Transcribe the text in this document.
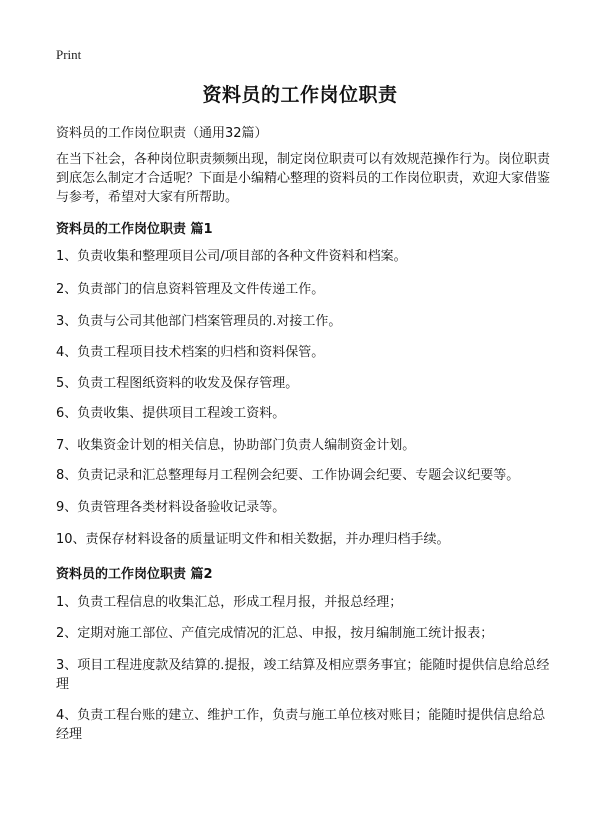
Print
资料员的工作岗位职责

资料员的工作岗位职责（通用32篇）

在当下社会，各种岗位职责频频出现，制定岗位职责可以有效规范操作行为。岗位职责到底怎么制定才合适呢？下面是小编精心整理的资料员的工作岗位职责，欢迎大家借鉴与参考，希望对大家有所帮助。

资料员的工作岗位职责 篇1

1、负责收集和整理项目公司/项目部的各种文件资料和档案。

2、负责部门的信息资料管理及文件传递工作。

3、负责与公司其他部门档案管理员的.对接工作。

4、负责工程项目技术档案的归档和资料保管。

5、负责工程图纸资料的收发及保存管理。

6、负责收集、提供项目工程竣工资料。

7、收集资金计划的相关信息，协助部门负责人编制资金计划。

8、负责记录和汇总整理每月工程例会纪要、工作协调会纪要、专题会议纪要等。

9、负责管理各类材料设备验收记录等。

10、责保存材料设备的质量证明文件和相关数据，并办理归档手续。

资料员的工作岗位职责 篇2

1、负责工程信息的收集汇总，形成工程月报，并报总经理；

2、定期对施工部位、产值完成情况的汇总、申报，按月编制施工统计报表；

3、项目工程进度款及结算的.提报，竣工结算及相应票务事宜；能随时提供信息给总经理

4、负责工程台账的建立、维护工作，负责与施工单位核对账目；能随时提供信息给总经理
